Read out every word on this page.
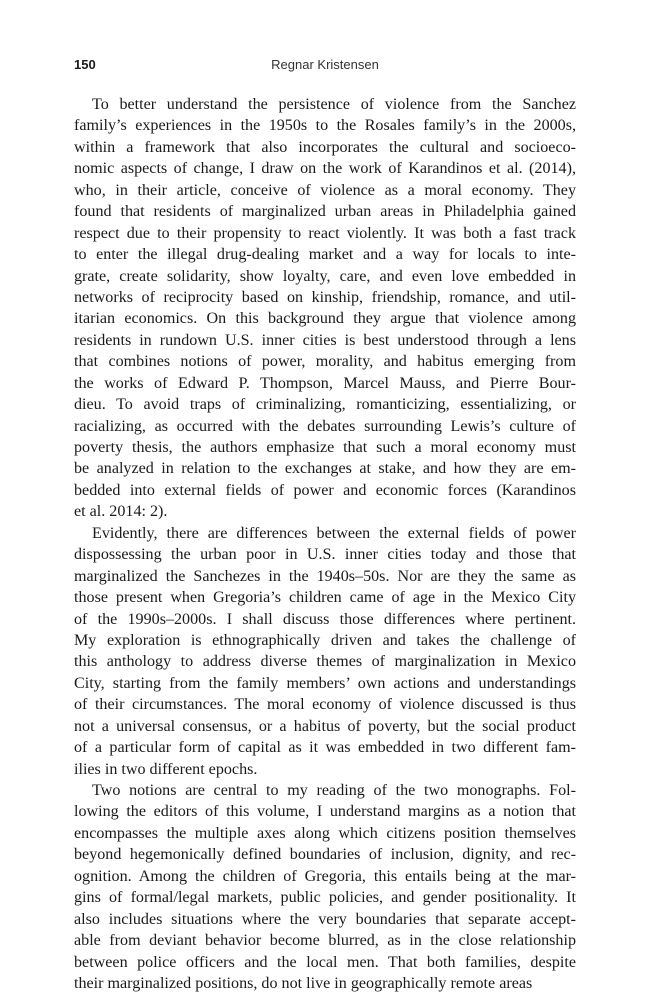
150	Regnar Kristensen
To better understand the persistence of violence from the Sanchez
family’s experiences in the 1950s to the Rosales family’s in the 2000s,
within a framework that also incorporates the cultural and socioeco-
nomic aspects of change, I draw on the work of Karandinos et al. (2014),
who, in their article, conceive of violence as a moral economy. They
found that residents of marginalized urban areas in Philadelphia gained
respect due to their propensity to react violently. It was both a fast track
to enter the illegal drug-dealing market and a way for locals to inte-
grate, create solidarity, show loyalty, care, and even love embedded in
networks of reciprocity based on kinship, friendship, romance, and util-
itarian economics. On this background they argue that violence among
residents in rundown U.S. inner cities is best understood through a lens
that combines notions of power, morality, and habitus emerging from
the works of Edward P. Thompson, Marcel Mauss, and Pierre Bour-
dieu. To avoid traps of criminalizing, romanticizing, essentializing, or
racializing, as occurred with the debates surrounding Lewis’s culture of
poverty thesis, the authors emphasize that such a moral economy must
be analyzed in relation to the exchanges at stake, and how they are em-
bedded into external fields of power and economic forces (Karandinos
et al. 2014: 2).
Evidently, there are differences between the external fields of power
dispossessing the urban poor in U.S. inner cities today and those that
marginalized the Sanchezes in the 1940s–50s. Nor are they the same as
those present when Gregoria’s children came of age in the Mexico City
of the 1990s–2000s. I shall discuss those differences where pertinent.
My exploration is ethnographically driven and takes the challenge of
this anthology to address diverse themes of marginalization in Mexico
City, starting from the family members’ own actions and understandings
of their circumstances. The moral economy of violence discussed is thus
not a universal consensus, or a habitus of poverty, but the social product
of a particular form of capital as it was embedded in two different fam-
ilies in two different epochs.
Two notions are central to my reading of the two monographs. Fol-
lowing the editors of this volume, I understand margins as a notion that
encompasses the multiple axes along which citizens position themselves
beyond hegemonically defined boundaries of inclusion, dignity, and rec-
ognition. Among the children of Gregoria, this entails being at the mar-
gins of formal/legal markets, public policies, and gender positionality. It
also includes situations where the very boundaries that separate accept-
able from deviant behavior become blurred, as in the close relationship
between police officers and the local men. That both families, despite
their marginalized positions, do not live in geographically remote areas
